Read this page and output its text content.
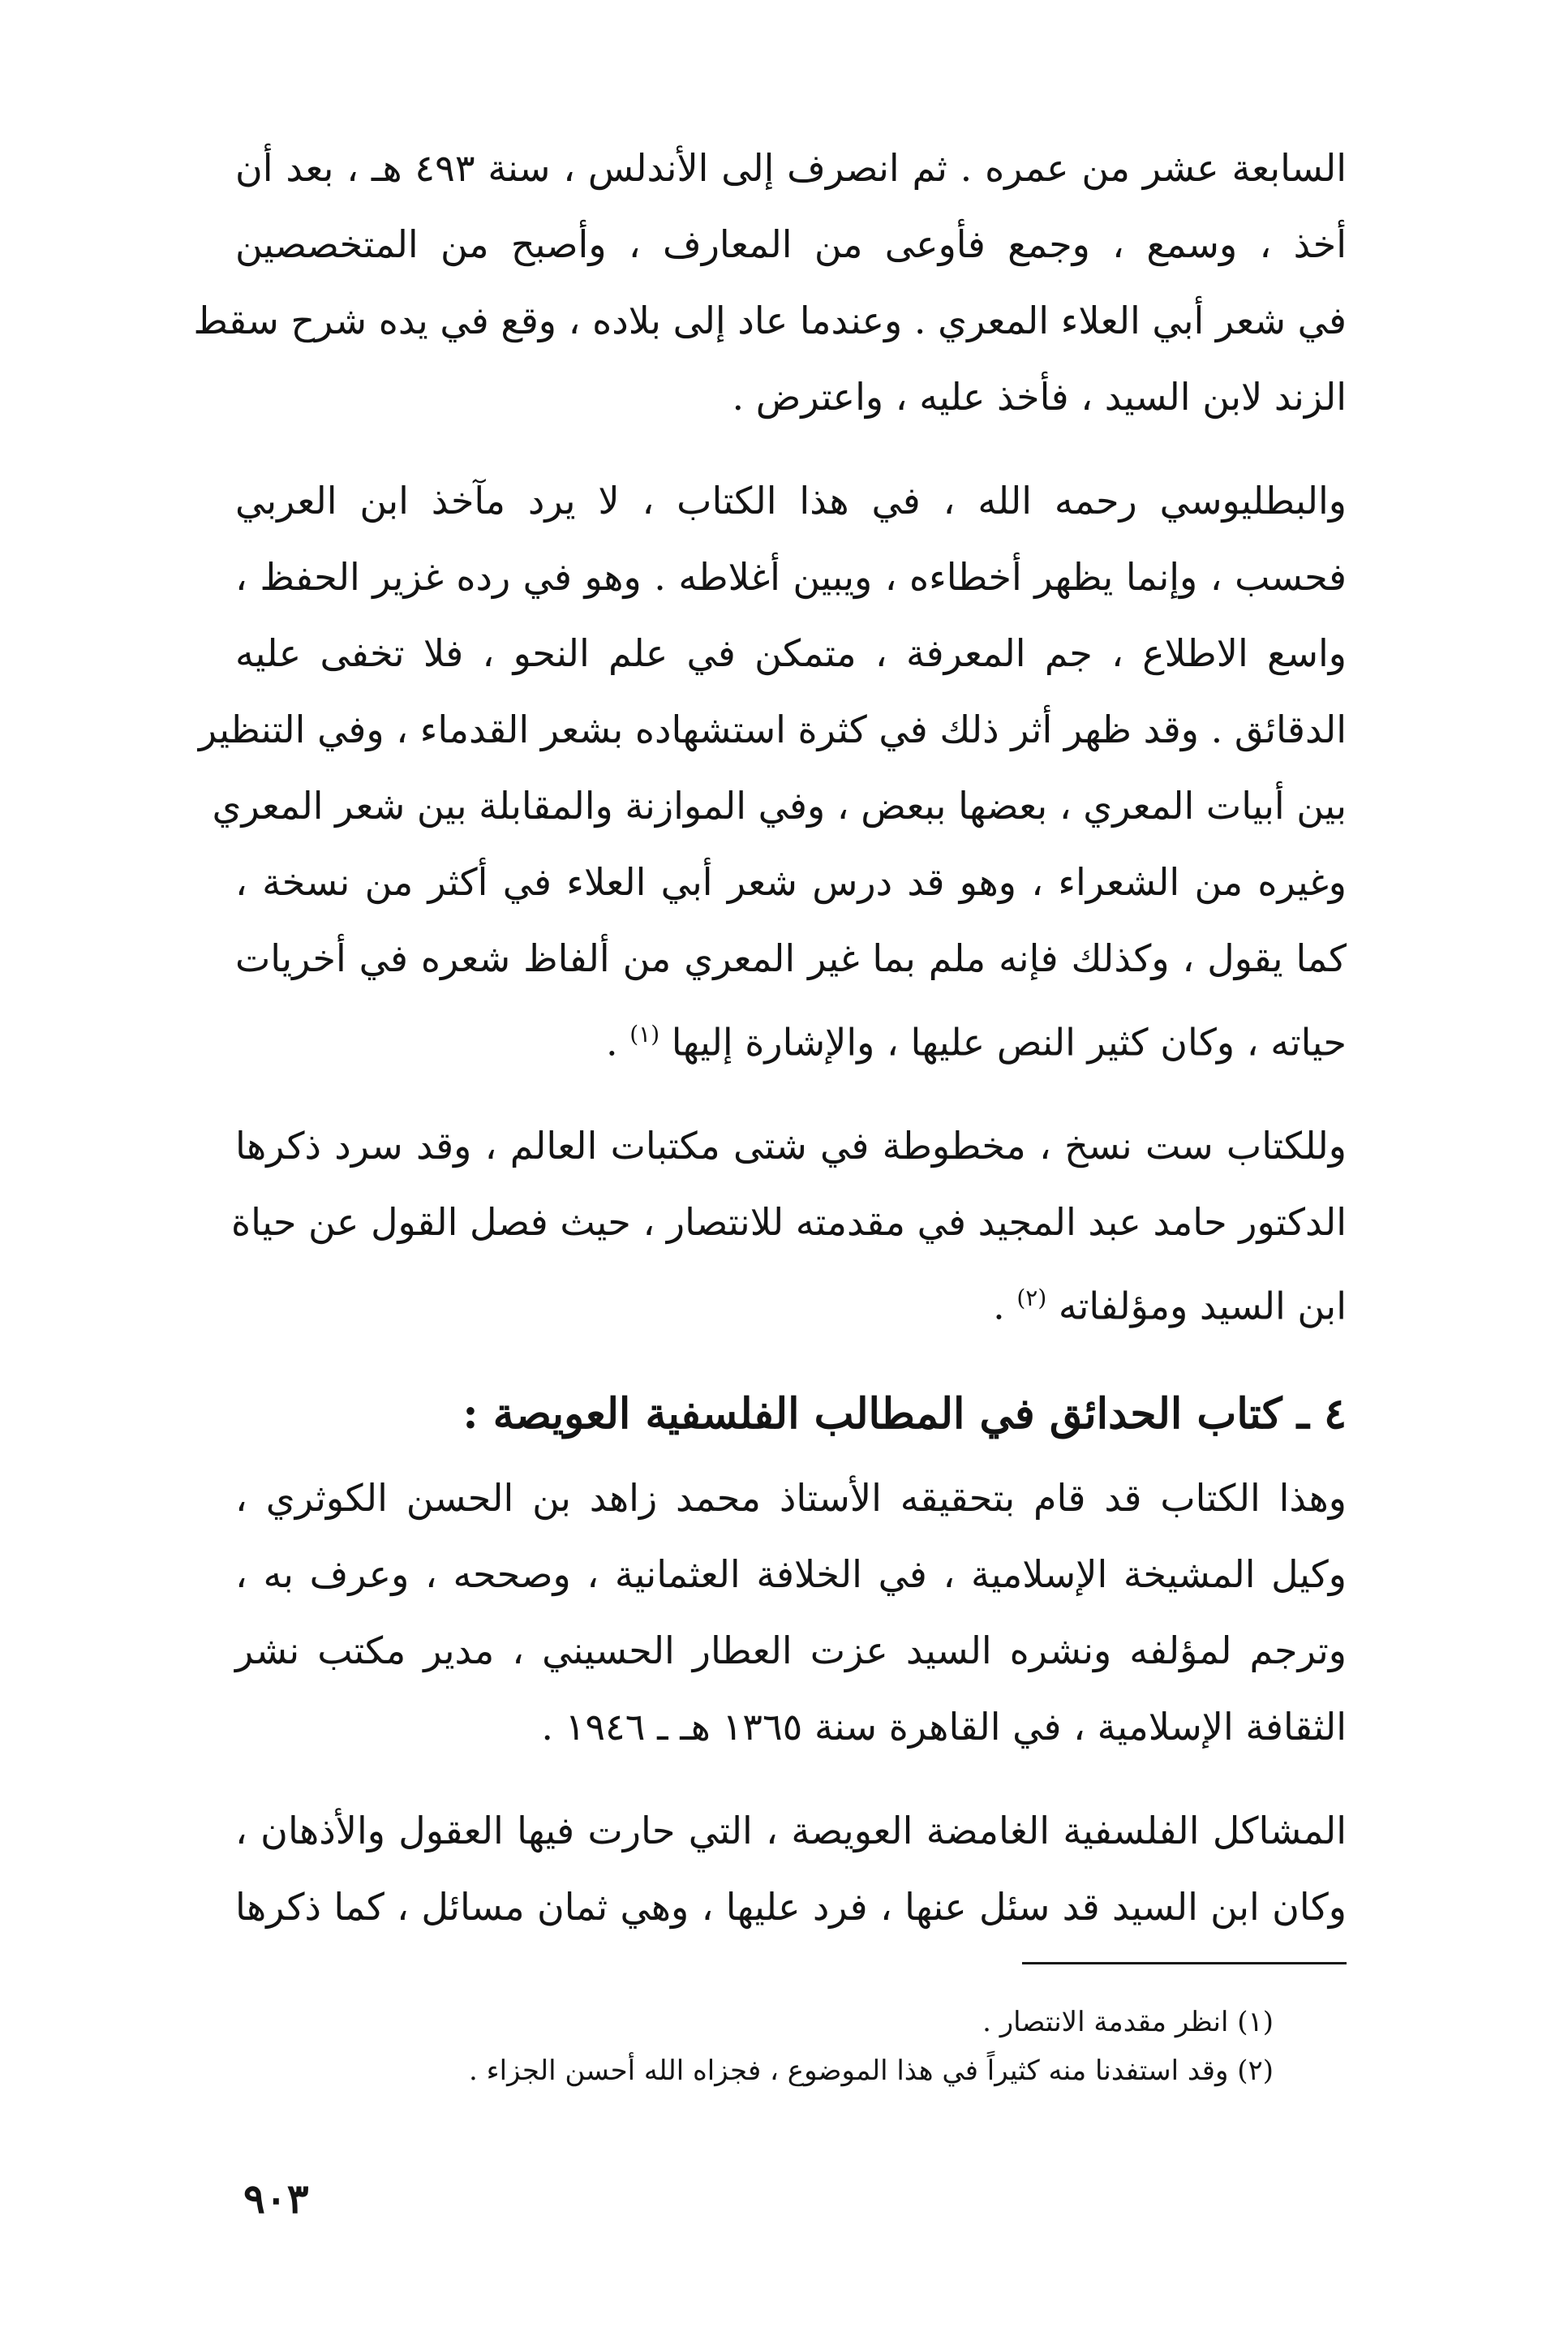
السابعة عشر من عمره . ثم انصرف إلى الأندلس ، سنة ٤٩٣ هـ ، بعد أن
أخذ ، وسمع ، وجمع فأوعى من المعارف ، وأصبح من المتخصصين
في شعر أبي العلاء المعري . وعندما عاد إلى بلاده ، وقع في يده شرح سقط
الزند لابن السيد ، فأخذ عليه ، واعترض .
والبطليوسي رحمه الله ، في هذا الكتاب ، لا يرد مآخذ ابن العربي
فحسب ، وإنما يظهر أخطاءه ، ويبين أغلاطه . وهو في رده غزير الحفظ ،
واسع الاطلاع ، جم المعرفة ، متمكن في علم النحو ، فلا تخفى عليه
الدقائق . وقد ظهر أثر ذلك في كثرة استشهاده بشعر القدماء ، وفي التنظير
بين أبيات المعري ، بعضها ببعض ، وفي الموازنة والمقابلة بين شعر المعري
وغيره من الشعراء ، وهو قد درس شعر أبي العلاء في أكثر من نسخة ،
كما يقول ، وكذلك فإنه ملم بما غير المعري من ألفاظ شعره في أخريات
حياته ، وكان كثير النص عليها ، والإشارة إليها $^{(١)}$ .
وللكتاب ست نسخ ، مخطوطة في شتى مكتبات العالم ، وقد سرد ذكرها
الدكتور حامد عبد المجيد في مقدمته للانتصار ، حيث فصل القول عن حياة
ابن السيد ومؤلفاته $^{(٢)}$ .
٤ ـ كتاب الحدائق في المطالب الفلسفية العويصة :
وهذا الكتاب قد قام بتحقيقه الأستاذ محمد زاهد بن الحسن الكوثري ،
وكيل المشيخة الإسلامية ، في الخلافة العثمانية ، وصححه ، وعرف به ،
وترجم لمؤلفه ونشره السيد عزت العطار الحسيني ، مدير مكتب نشر
الثقافة الإسلامية ، في القاهرة سنة ١٣٦٥ هـ ـ ١٩٤٦ .
المشاكل الفلسفية الغامضة العويصة ، التي حارت فيها العقول والأذهان ،
وكان ابن السيد قد سئل عنها ، فرد عليها ، وهي ثمان مسائل ، كما ذكرها
(١) انظر مقدمة الانتصار .
(٢) وقد استفدنا منه كثيراً في هذا الموضوع ، فجزاه الله أحسن الجزاء .
٩٠٣
